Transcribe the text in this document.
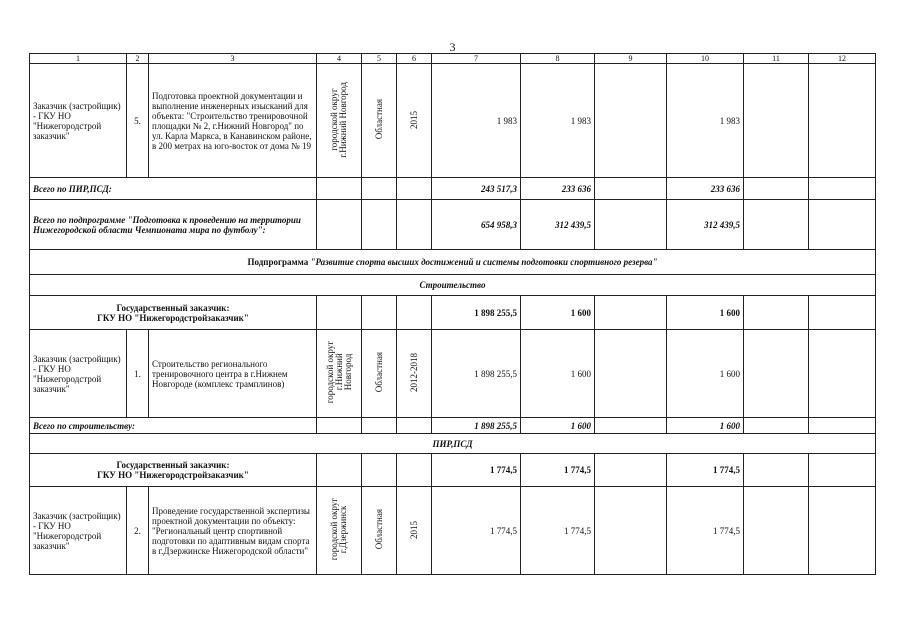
3
1	2	3	4	5	6	7	8	9	10	11	12
Заказчик (застройщик) - ГКУ НО "Нижегородстрой заказчик"	5.	Подготовка проектной документации и выполнение инженерных изысканий для объекта: "Строительство тренировочной площадки № 2, г.Нижний Новгород" по ул. Карла Маркса, в Канавинском районе, в 200 метрах на юго-восток от дома № 19	городской округ
г.Нижний Новгород	Областная	2015	1 983	1 983		1 983		
Всего по ПИР,ПСД:						243 517,3	233 636		233 636		
Всего по подпрограмме "Подготовка к проведению на территории Нижегородской области Чемпионата мира по футболу":						654 958,3	312 439,5		312 439,5		
Подпрограмма "Развитие спорта высших достижений и системы подготовки спортивного резерва"											
Строительство											

Государственный заказчик:
ГКУ НО "Нижегородстройзаказчик"						1 898 255,5	1 600		1 600		
Заказчик (застройщик) - ГКУ НО "Нижегородстрой заказчик"	1.	Строительство регионального тренировочного центра в г.Нижнем Новгороде (комплекс трамплинов)	городской округ
г.Нижний
Новгород	Областная	2012-2018	1 898 255,5	1 600		1 600		
Всего по строительству:						1 898 255,5	1 600		1 600		
ПИР,ПСД											

Государственный заказчик:
ГКУ НО "Нижегородстройзаказчик"						1 774,5	1 774,5		1 774,5		
Заказчик (застройщик) - ГКУ НО "Нижегородстрой заказчик"	2.	Проведение государственной экспертизы проектной документации по объекту: "Региональный центр спортивной подготовки по адаптивным видам спорта в г.Дзержинске Нижегородской области"	городской округ
г.Дзержинск	Областная	2015	1 774,5	1 774,5		1 774,5		
